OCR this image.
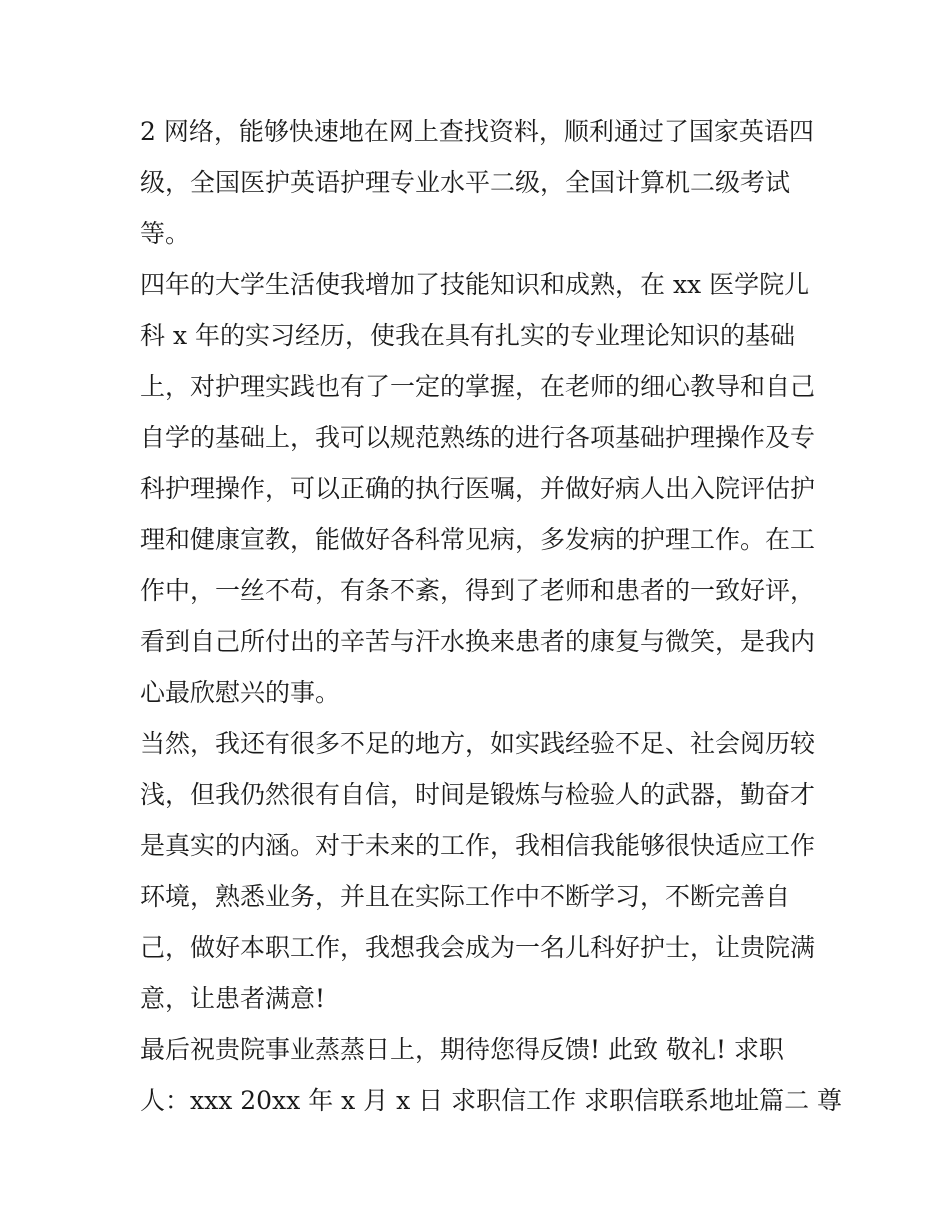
2 网络，能够快速地在网上查找资料，顺利通过了国家英语四
级，全国医护英语护理专业水平二级，全国计算机二级考试
等。
四年的大学生活使我增加了技能知识和成熟，在 xx 医学院儿
科 x 年的实习经历，使我在具有扎实的专业理论知识的基础
上，对护理实践也有了一定的掌握，在老师的细心教导和自己
自学的基础上，我可以规范熟练的进行各项基础护理操作及专
科护理操作，可以正确的执行医嘱，并做好病人出入院评估护
理和健康宣教，能做好各科常见病，多发病的护理工作。在工
作中，一丝不苟，有条不紊，得到了老师和患者的一致好评，
看到自己所付出的辛苦与汗水换来患者的康复与微笑，是我内
心最欣慰兴的事。
当然，我还有很多不足的地方，如实践经验不足、社会阅历较
浅，但我仍然很有自信，时间是锻炼与检验人的武器，勤奋才
是真实的内涵。对于未来的工作，我相信我能够很快适应工作
环境，熟悉业务，并且在实际工作中不断学习，不断完善自
己，做好本职工作，我想我会成为一名儿科好护士，让贵院满
意，让患者满意!
最后祝贵院事业蒸蒸日上，期待您得反馈! 此致 敬礼! 求职
人：xxx 20xx 年 x 月 x 日 求职信工作 求职信联系地址篇二 尊
